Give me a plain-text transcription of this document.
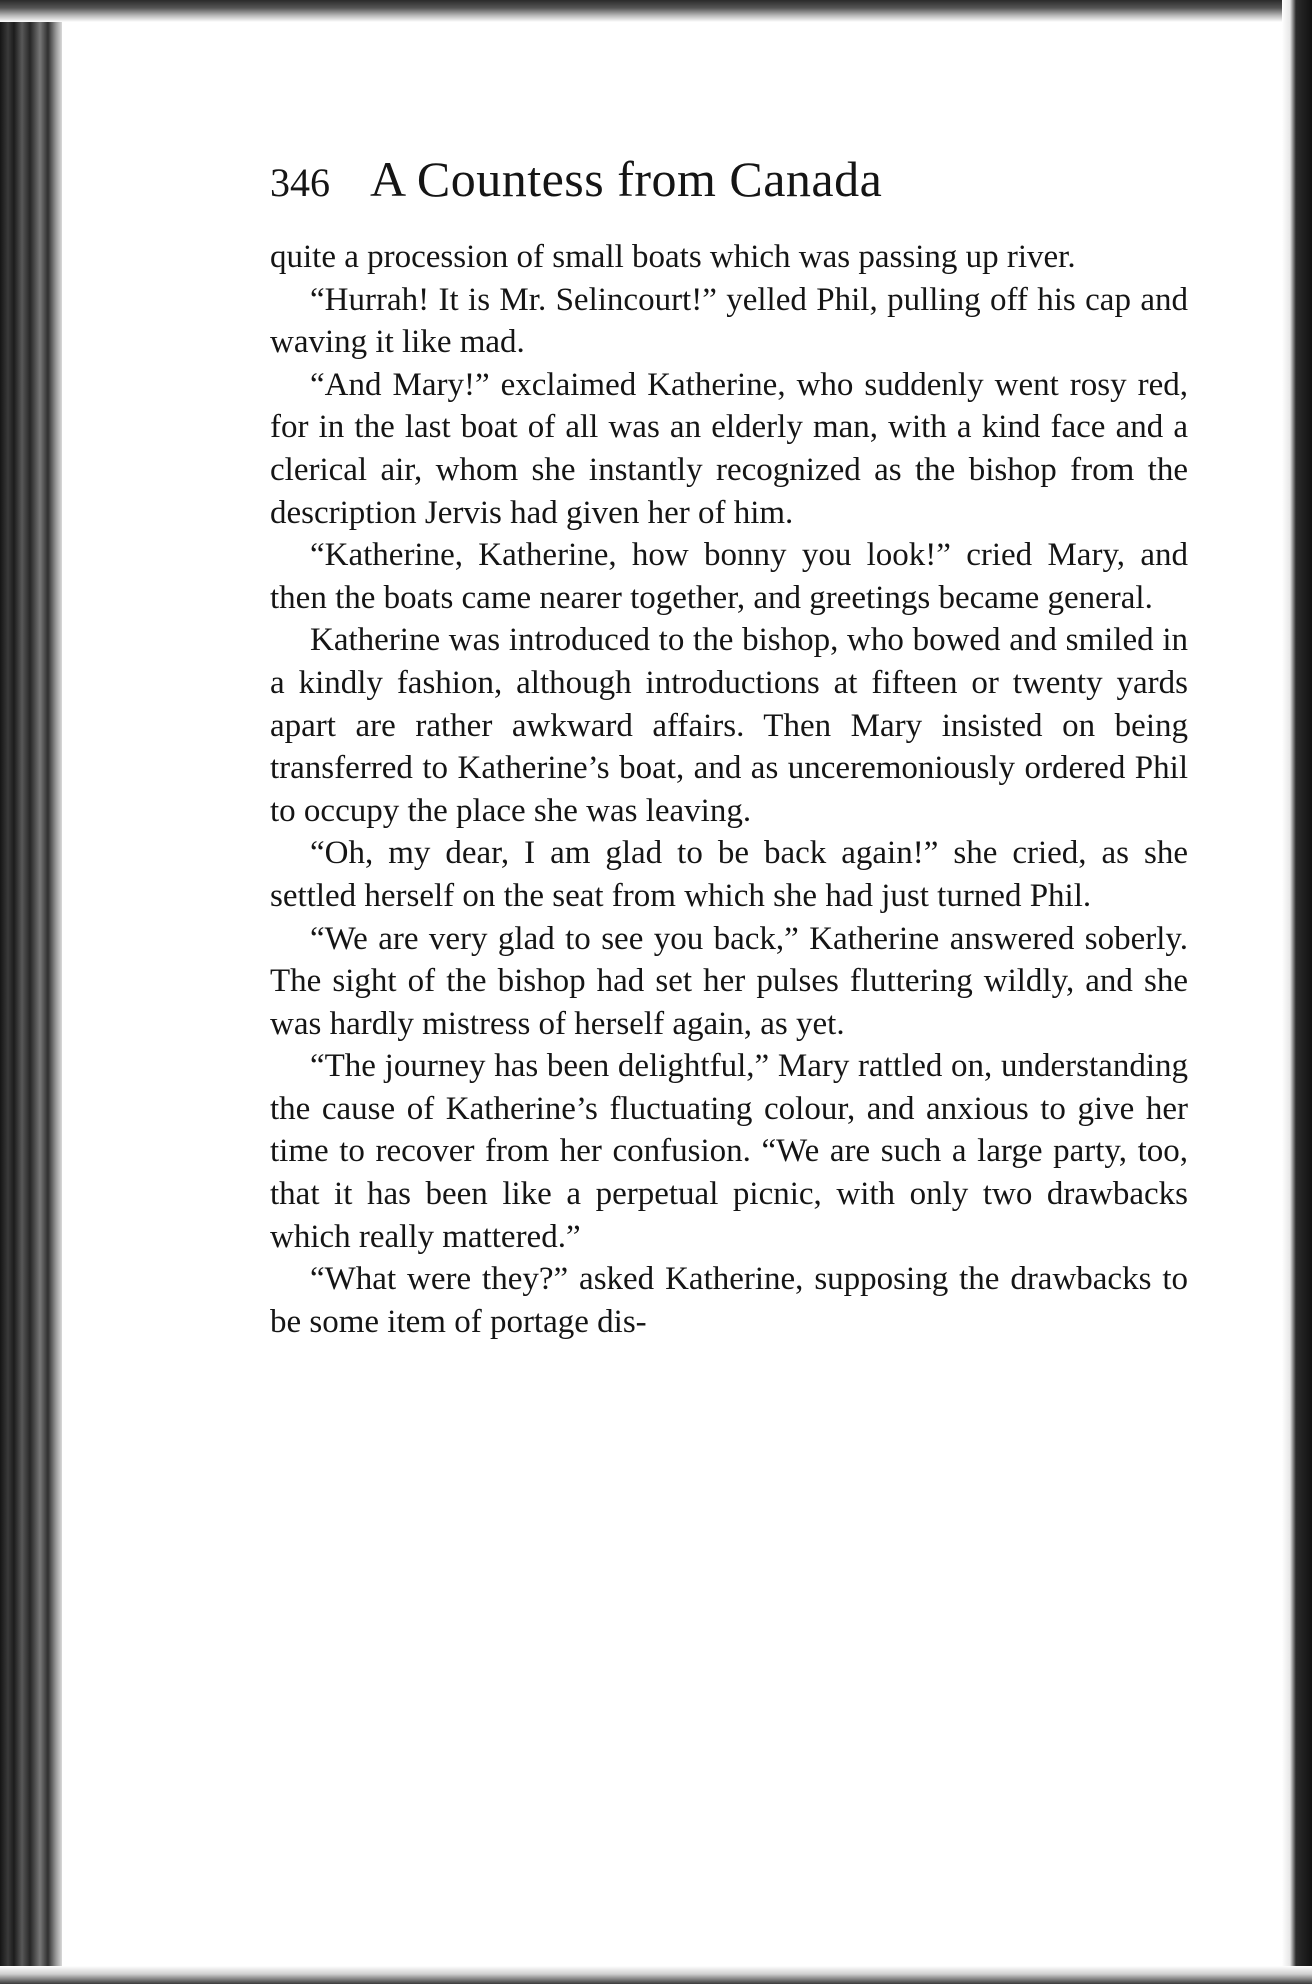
346 A Countess from Canada

quite a procession of small boats which was passing up river.

“Hurrah! It is Mr. Selincourt!” yelled Phil, pulling off his cap and waving it like mad.

“And Mary!” exclaimed Katherine, who suddenly went rosy red, for in the last boat of all was an elderly man, with a kind face and a clerical air, whom she instantly recognized as the bishop from the description Jervis had given her of him.

“Katherine, Katherine, how bonny you look!” cried Mary, and then the boats came nearer together, and greetings became general.

Katherine was introduced to the bishop, who bowed and smiled in a kindly fashion, although introductions at fifteen or twenty yards apart are rather awkward affairs. Then Mary insisted on being transferred to Katherine’s boat, and as unceremoniously ordered Phil to occupy the place she was leaving.

“Oh, my dear, I am glad to be back again!” she cried, as she settled herself on the seat from which she had just turned Phil.

“We are very glad to see you back,” Katherine answered soberly. The sight of the bishop had set her pulses fluttering wildly, and she was hardly mistress of herself again, as yet.

“The journey has been delightful,” Mary rattled on, understanding the cause of Katherine’s fluctuating colour, and anxious to give her time to recover from her confusion. “We are such a large party, too, that it has been like a perpetual picnic, with only two drawbacks which really mattered.”

“What were they?” asked Katherine, supposing the drawbacks to be some item of portage dis-
